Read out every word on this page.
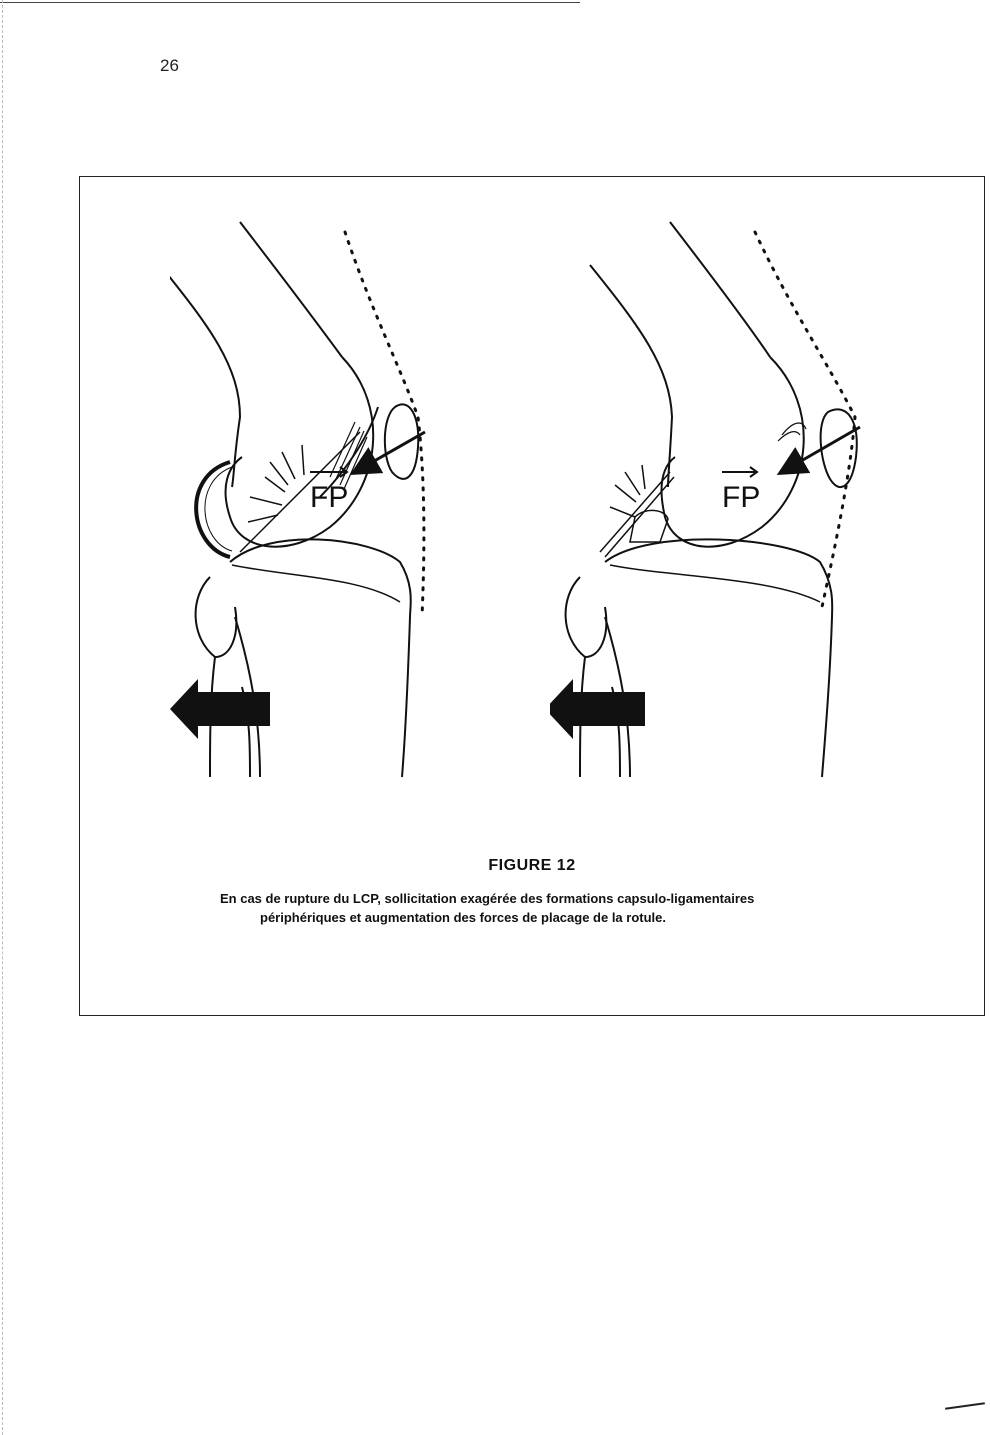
26
FP	FP
FIGURE 12
En cas de rupture du LCP, sollicitation exagérée des formations capsulo-ligamentaires
périphériques et augmentation des forces de placage de la rotule.
